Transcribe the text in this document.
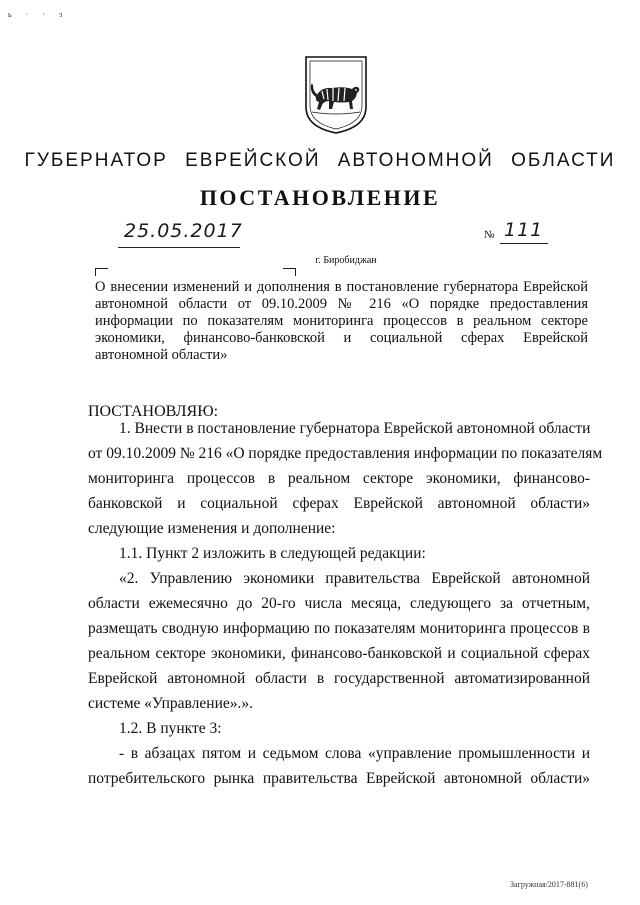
ь · · з
ГУБЕРНАТОР ЕВРЕЙСКОЙ АВТОНОМНОЙ ОБЛАСТИ
ПОСТАНОВЛЕНИЕ
25.05.2017	№ 111
г. Биробиджан
О внесении изменений и дополнения в постановление губернатора Еврейской
автономной области от 09.10.2009 № 216 «О порядке предоставления
информации по показателям мониторинга процессов в реальном секторе
экономики, финансово-банковской и социальной сферах Еврейской
автономной области»
ПОСТАНОВЛЯЮ:
1. Внести в постановление губернатора Еврейской автономной области
от 09.10.2009 № 216 «О порядке предоставления информации по показателям
мониторинга процессов в реальном секторе экономики, финансово-
банковской и социальной сферах Еврейской автономной области»
следующие изменения и дополнение:
1.1. Пункт 2 изложить в следующей редакции:
«2. Управлению экономики правительства Еврейской автономной
области ежемесячно до 20-го числа месяца, следующего за отчетным,
размещать сводную информацию по показателям мониторинга процессов в
реальном секторе экономики, финансово-банковской и социальной сферах
Еврейской автономной области в государственной автоматизированной
системе «Управление».».
1.2. В пункте 3:
- в абзацах пятом и седьмом слова «управление промышленности и
потребительского рынка правительства Еврейской автономной области»
Загружная/2017-881(6)
